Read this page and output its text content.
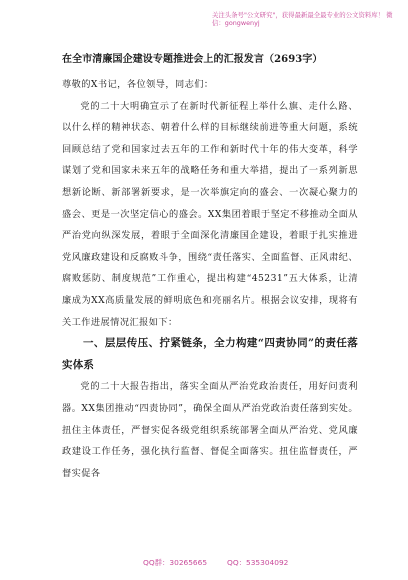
关注头条号"公文研究"，获得最新最全最专业的公文资料库！ 微信：gongwenyj
在全市清廉国企建设专题推进会上的汇报发言（2693字）

尊敬的X书记，各位领导，同志们：

党的二十大明确宣示了在新时代新征程上举什么旗、走什么路、以什么样的精神状态、朝着什么样的目标继续前进等重大问题，系统回顾总结了党和国家过去五年的工作和新时代十年的伟大变革，科学谋划了党和国家未来五年的战略任务和重大举措，提出了一系列新思想新论断、新部署新要求，是一次举旗定向的盛会、一次凝心聚力的盛会、更是一次坚定信心的盛会。XX集团着眼于坚定不移推动全面从严治党向纵深发展，着眼于全面深化清廉国企建设，着眼于扎实推进党风廉政建设和反腐败斗争，围绕“责任落实、全面监督、正风肃纪、腐败惩防、制度规范”工作重心，提出构建“45231”五大体系，让清廉成为XX高质量发展的鲜明底色和亮丽名片。根据会议安排，现将有关工作进展情况汇报如下：

一、层层传压、拧紧链条，全力构建“四责协同”的责任落实体系

党的二十大报告指出，落实全面从严治党政治责任，用好问责利器。XX集团推动“四责协同”，确保全面从严治党政治责任落到实处。扭住主体责任，严督实促各级党组织系统部署全面从严治党、党风廉政建设工作任务，强化执行监督、督促全面落实。扭住监督责任，严督实促各

QQ群：30265665	QQ：535304092
